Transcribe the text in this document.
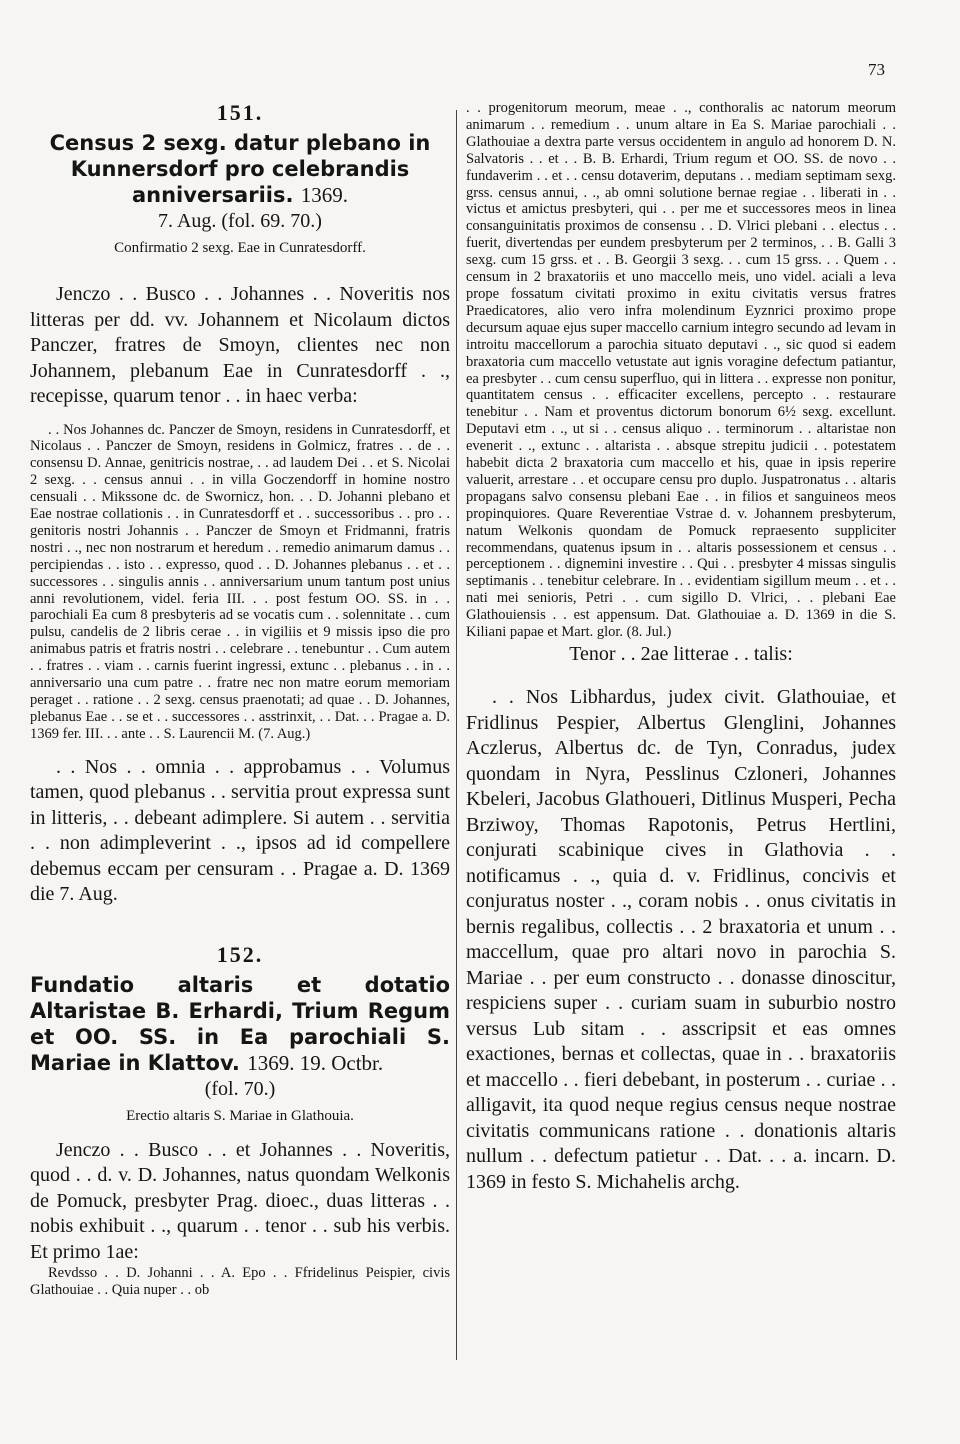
73
151.

Census 2 sexg. datur plebano in Kunnersdorf pro celebrandis anniversariis. 1369.

7. Aug. (fol. 69. 70.)

Confirmatio 2 sexg. Eae in Cunratesdorff.

Jenczo . . Busco . . Johannes . . Noveritis nos litteras per dd. vv. Johannem et Nicolaum dictos Panczer, fratres de Smoyn, clientes nec non Johannem, plebanum Eae in Cunratesdorff . ., recepisse, quarum tenor . . in haec verba:

. . Nos Johannes dc. Panczer de Smoyn, residens in Cunratesdorff, et Nicolaus . . Panczer de Smoyn, residens in Golmicz, fratres . . de . . consensu D. Annae, genitricis nostrae, . . ad laudem Dei . . et S. Nicolai 2 sexg. . . census annui . . in villa Goczendorff in homine nostro censuali . . Mikssone dc. de Swornicz, hon. . . D. Johanni plebano et Eae nostrae collationis . . in Cunratesdorff et . . successoribus . . pro . . genitoris nostri Johannis . . Panczer de Smoyn et Fridmanni, fratris nostri . ., nec non nostrarum et heredum . . remedio animarum damus . . percipiendas . . isto . . expresso, quod . . D. Johannes plebanus . . et . . successores . . singulis annis . . anniversarium unum tantum post unius anni revolutionem, videl. feria III. . . post festum OO. SS. in . . parochiali Ea cum 8 presbyteris ad se vocatis cum . . solennitate . . cum pulsu, candelis de 2 libris cerae . . in vigiliis et 9 missis ipso die pro animabus patris et fratris nostri . . celebrare . . tenebuntur . . Cum autem . . fratres . . viam . . carnis fuerint ingressi, extunc . . plebanus . . in . . anniversario una cum patre . . fratre nec non matre eorum memoriam peraget . . ratione . . 2 sexg. census praenotati; ad quae . . D. Johannes, plebanus Eae . . se et . . successores . . asstrinxit, . . Dat. . . Pragae a. D. 1369 fer. III. . . ante . . S. Laurencii M. (7. Aug.)

. . Nos . . omnia . . approbamus . . Volumus tamen, quod plebanus . . servitia prout expressa sunt in litteris, . . debeant adimplere. Si autem . . servitia . . non adimpleverint . ., ipsos ad id compellere debemus eccam per censuram . . Pragae a. D. 1369 die 7. Aug.

152.

Fundatio altaris et dotatio Altaristae B. Erhardi, Trium Regum et OO. SS. in Ea parochiali S. Mariae in Klattov. 1369. 19. Octbr.

(fol. 70.)

Erectio altaris S. Mariae in Glathouia.

Jenczo . . Busco . . et Johannes . . Noveritis, quod . . d. v. D. Johannes, natus quondam Welkonis de Pomuck, presbyter Prag. dioec., duas litteras . . nobis exhibuit . ., quarum . . tenor . . sub his verbis. Et primo 1ae:

Revdsso . . D. Johanni . . A. Epo . . Ffridelinus Peispier, civis Glathouiae . . Quia nuper . . ob

. . progenitorum meorum, meae . ., conthoralis ac natorum meorum animarum . . remedium . . unum altare in Ea S. Mariae parochiali . . Glathouiae a dextra parte versus occidentem in angulo ad honorem D. N. Salvatoris . . et . . B. B. Erhardi, Trium regum et OO. SS. de novo . . fundaverim . . et . . censu dotaverim, deputans . . mediam septimam sexg. grss. census annui, . ., ab omni solutione bernae regiae . . liberati in . . victus et amictus presbyteri, qui . . per me et successores meos in linea consanguinitatis proximos de consensu . . D. Vlrici plebani . . electus . . fuerit, divertendas per eundem presbyterum per 2 terminos, . . B. Galli 3 sexg. cum 15 grss. et . . B. Georgii 3 sexg. . . cum 15 grss. . . Quem . . censum in 2 braxatoriis et uno maccello meis, uno videl. aciali a leva prope fossatum civitati proximo in exitu civitatis versus fratres Praedicatores, alio vero infra molendinum Eyznrici proximo prope decursum aquae ejus super maccello carnium integro secundo ad levam in introitu maccellorum a parochia situato deputavi . ., sic quod si eadem braxatoria cum maccello vetustate aut ignis voragine defectum patiantur, ea presbyter . . cum censu superfluo, qui in littera . . expresse non ponitur, quantitatem census . . efficaciter excellens, percepto . . restaurare tenebitur . . Nam et proventus dictorum bonorum 6½ sexg. excellunt. Deputavi etm . ., ut si . . census aliquo . . terminorum . . altaristae non evenerit . ., extunc . . altarista . . absque strepitu judicii . . potestatem habebit dicta 2 braxatoria cum maccello et his, quae in ipsis reperire valuerit, arrestare . . et occupare censu pro duplo. Juspatronatus . . altaris propagans salvo consensu plebani Eae . . in filios et sanguineos meos propinquiores. Quare Reverentiae Vstrae d. v. Johannem presbyterum, natum Welkonis quondam de Pomuck repraesento suppliciter recommendans, quatenus ipsum in . . altaris possessionem et census . . perceptionem . . dignemini investire . . Qui . . presbyter 4 missas singulis septimanis . . tenebitur celebrare. In . . evidentiam sigillum meum . . et . . nati mei senioris, Petri . . cum sigillo D. Vlrici, . . plebani Eae Glathouiensis . . est appensum. Dat. Glathouiae a. D. 1369 in die S. Kiliani papae et Mart. glor. (8. Jul.)

Tenor . . 2ae litterae . . talis:

. . Nos Libhardus, judex civit. Glathouiae, et Fridlinus Pespier, Albertus Glenglini, Johannes Aczlerus, Albertus dc. de Tyn, Conradus, judex quondam in Nyra, Pesslinus Czloneri, Johannes Kbeleri, Jacobus Glathoueri, Ditlinus Musperi, Pecha Brziwoy, Thomas Rapotonis, Petrus Hertlini, conjurati scabinique cives in Glathovia . . notificamus . ., quia d. v. Fridlinus, concivis et conjuratus noster . ., coram nobis . . onus civitatis in bernis regalibus, collectis . . 2 braxatoria et unum . . maccellum, quae pro altari novo in parochia S. Mariae . . per eum constructo . . donasse dinoscitur, respiciens super . . curiam suam in suburbio nostro versus Lub sitam . . asscripsit et eas omnes exactiones, bernas et collectas, quae in . . braxatoriis et maccello . . fieri debebant, in posterum . . curiae . . alligavit, ita quod neque regius census neque nostrae civitatis communicans ratione . . donationis altaris nullum . . defectum patietur . . Dat. . . a. incarn. D. 1369 in festo S. Michahelis archg.
